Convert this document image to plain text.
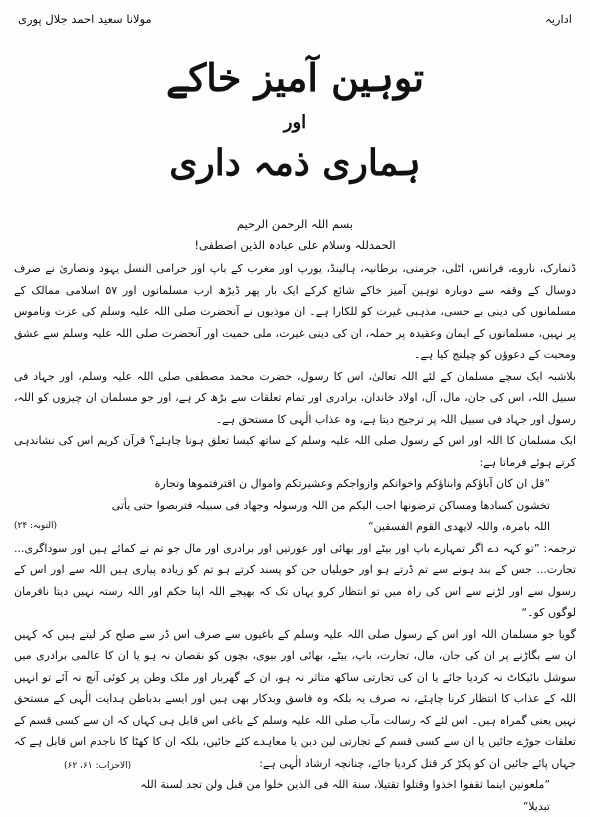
اداریہ
مولانا سعید احمد جلال پوری
توہین آمیز خاکے
اور
ہماری ذمہ داری
بسم اللہ الرحمن الرحیم
الحمدللہ وسلام علی عبادہ الذین اصطفی!

ڈنمارک، ناروے، فرانس، اٹلی، جرمنی، برطانیہ، ہالینڈ، یورپ اور مغرب کے باپ اور حرامی النسل یہود ونصاریٰ نے صرف دوسال کے وقفہ سے دوبارہ توہین آمیز خاکے شائع کرکے ایک بار پھر ڈیڑھ ارب مسلمانوں اور ۵۷ اسلامی ممالک کے مسلمانوں کی دینی بے حسی، مذہبی غیرت کو للکارا ہے۔ ان موذیوں نے آنحضرت صلی اللہ علیہ وسلم کی عزت وناموس پر نہیں، مسلمانوں کے ایمان وعقیدہ پر حملہ، ان کی دینی غیرت، ملی حمیت اور آنحضرت صلی اللہ علیہ وسلم سے عشق ومحبت کے دعوؤں کو چیلنج کیا ہے۔

بلاشبہ ایک سچے مسلمان کے لئے اللہ تعالیٰ، اس کا رسول، حضرت محمد مصطفی صلی اللہ علیہ وسلم، اور جہاد فی سبیل اللہ، اس کی جان، مال، آل، اولاد خاندان، برادری اور تمام تعلقات سے بڑھ کر ہے، اور جو مسلمان ان چیزوں کو اللہ، رسول اور جہاد فی سبیل اللہ پر ترجیح دیتا ہے، وہ عذاب الٰہی کا مستحق ہے۔

ایک مسلمان کا اللہ اور اس کے رسول صلی اللہ علیہ وسلم کے ساتھ کیسا تعلق ہونا چاہئے؟ قرآن کریم اس کی نشاندہی کرتے ہوئے فرماتا ہے:

”قل ان کان آباؤکم وابناؤکم واخوانکم وازواجکم وعشیرتکم واموال ن اقترفتموھا وتجارة

تخشون کسادھا ومساکن ترضونھا احب الیکم من اللہ ورسولہ وجھاد فی سبیلہ فتربصوا حتی یأتی

اللہ بامرہ، واللہ لایھدی القوم الفسقین“
(التوبہ: ۲۴)

ترجمہ: ”تو کہہ دے اگر تمہارے باپ اور بیٹے اور بھائی اور عورتیں اور برادری اور مال جو تم نے کمائے ہیں اور سوداگری... تجارت... جس کے بند ہونے سے تم ڈرتے ہو اور حویلیاں جن کو پسند کرتے ہو تم کو زیادہ پیاری ہیں اللہ سے اور اس کے رسول سے اور لڑنے سے اس کی راہ میں تو انتظار کرو یہاں تک کہ بھیجے اللہ اپنا حکم اور اللہ رستہ نہیں دیتا نافرمان لوگوں کو۔“

گویا جو مسلمان اللہ اور اس کے رسول صلی اللہ علیہ وسلم کے باغیوں سے صرف اس ڈر سے صلح کر لیتے ہیں کہ کہیں ان سے بگاڑنے پر ان کی جان، مال، تجارت، باپ، بیٹے، بھائی اور بیوی، بچوں کو نقصان نہ ہو یا ان کا عالمی برادری میں سوشل بائیکاٹ نہ کردیا جائے یا ان کی تجارتی ساکھ متاثر نہ ہو، ان کے گھربار اور ملک وطن پر کوئی آنچ نہ آئے تو انہیں اللہ کے عذاب کا انتظار کرنا چاہئے، نہ صرف یہ بلکہ وہ فاسق وبدکار بھی ہیں اور ایسے بدباطن ہدایت الٰہی کے مستحق نہیں یعنی گمراہ ہیں۔ اس لئے کہ رسالت مآب صلی اللہ علیہ وسلم کے باغی اس قابل ہی کہاں کہ ان سے کسی قسم کے تعلقات جوڑے جائیں یا ان سے کسی قسم کے تجارتی لین دین یا معاہدے کئے جائیں، بلکہ ان کا کھٹا کا ناجدم اس قابل ہے کہ جہاں پائے جائیں ان کو پکڑ کر قتل کردیا جائے، چنانچہ ارشاد الٰہی ہے:

”ملعونین اینما ثقفوا اخذوا وقتلوا تقتیلا، سنة اللہ فی الذین خلوا من قبل ولن تجد لسنة اللہ

تبدیلا“

(الاحزاب: ۶۱، ۶۲)
